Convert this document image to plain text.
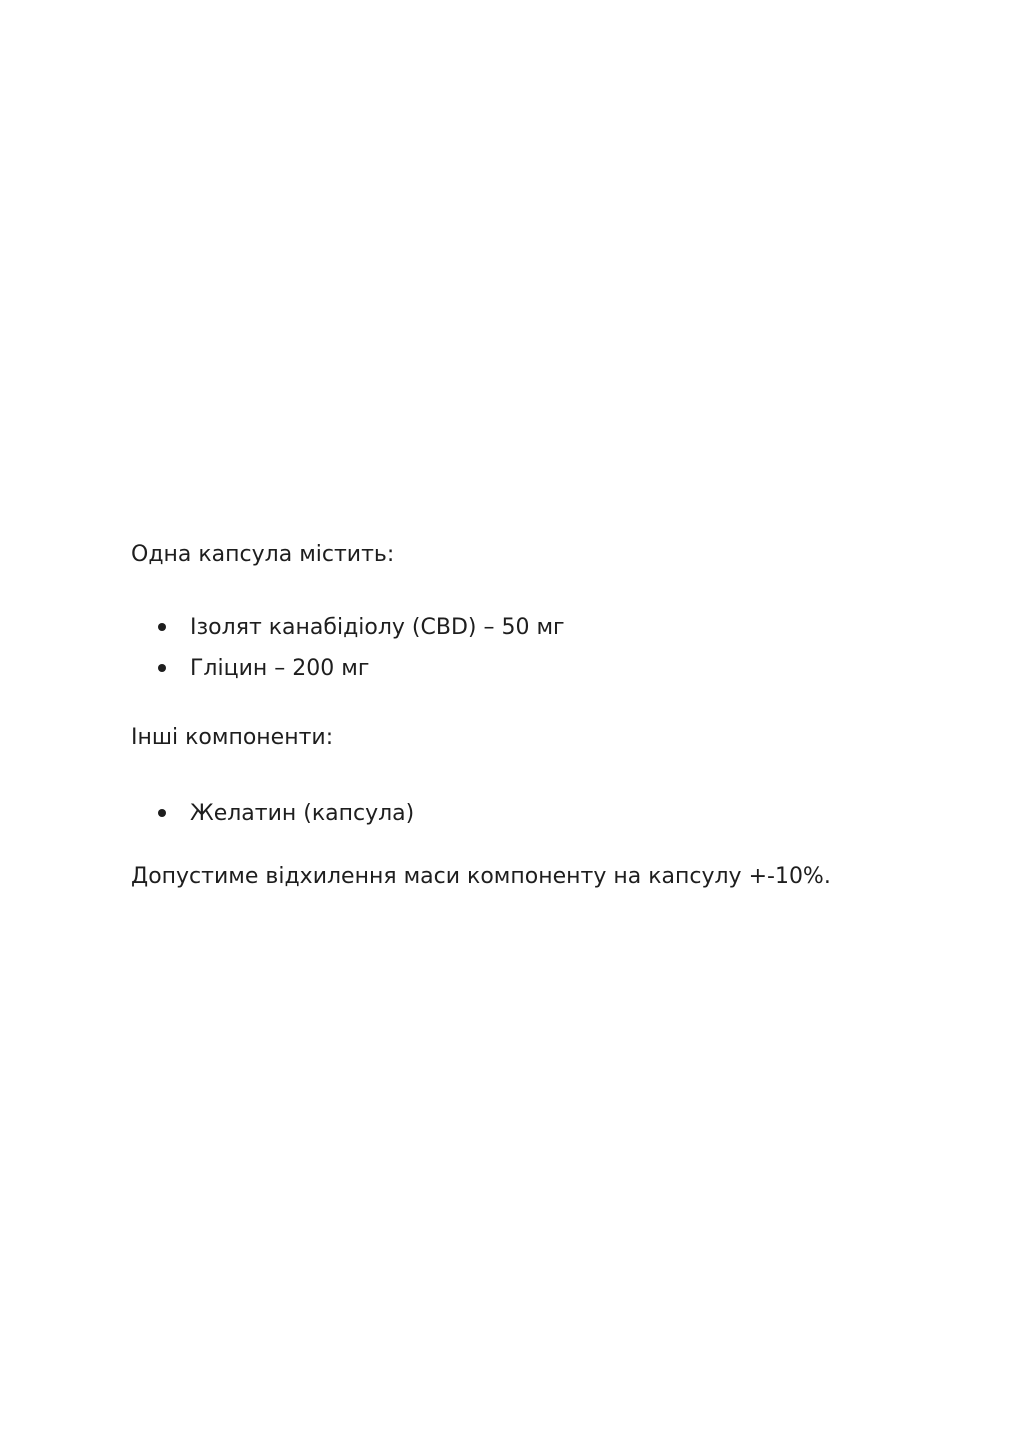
Одна капсула містить:

Ізолят канабідіолу (CBD) – 50 мг
Гліцин – 200 мг

Інші компоненти:

Желатин (капсула)

Допустиме відхилення маси компоненту на капсулу +-10%.
